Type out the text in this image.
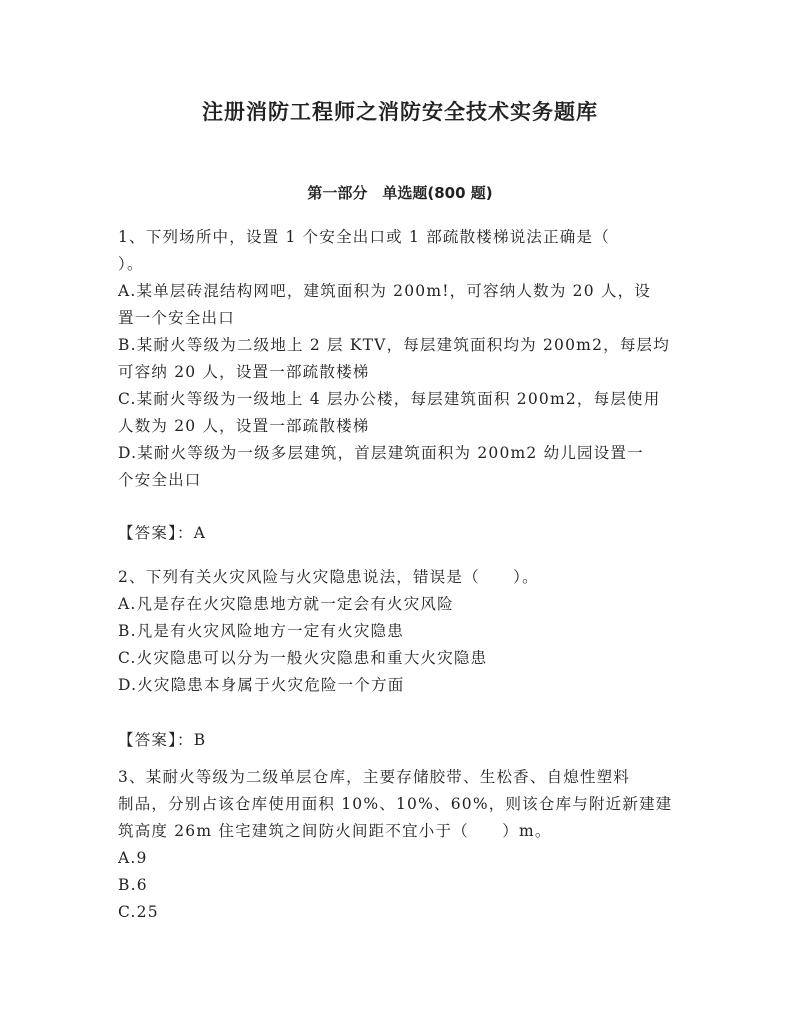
注册消防工程师之消防安全技术实务题库
第一部分　单选题(800 题)
1、下列场所中，设置 1 个安全出口或 1 部疏散楼梯说法正确是（
）。
A.某单层砖混结构网吧，建筑面积为 200m!，可容纳人数为 20 人，设
置一个安全出口
B.某耐火等级为二级地上 2 层 KTV，每层建筑面积均为 200m2，每层均
可容纳 20 人，设置一部疏散楼梯
C.某耐火等级为一级地上 4 层办公楼，每层建筑面积 200m2，每层使用
人数为 20 人，设置一部疏散楼梯
D.某耐火等级为一级多层建筑，首层建筑面积为 200m2 幼儿园设置一
个安全出口
【答案】：A
2、下列有关火灾风险与火灾隐患说法，错误是（　　）。
A.凡是存在火灾隐患地方就一定会有火灾风险
B.凡是有火灾风险地方一定有火灾隐患
C.火灾隐患可以分为一般火灾隐患和重大火灾隐患
D.火灾隐患本身属于火灾危险一个方面
【答案】：B
3、某耐火等级为二级单层仓库，主要存储胶带、生松香、自熄性塑料
制品，分别占该仓库使用面积 10%、10%、60%，则该仓库与附近新建建
筑高度 26m 住宅建筑之间防火间距不宜小于（　　）m。
A.9
B.6
C.25
